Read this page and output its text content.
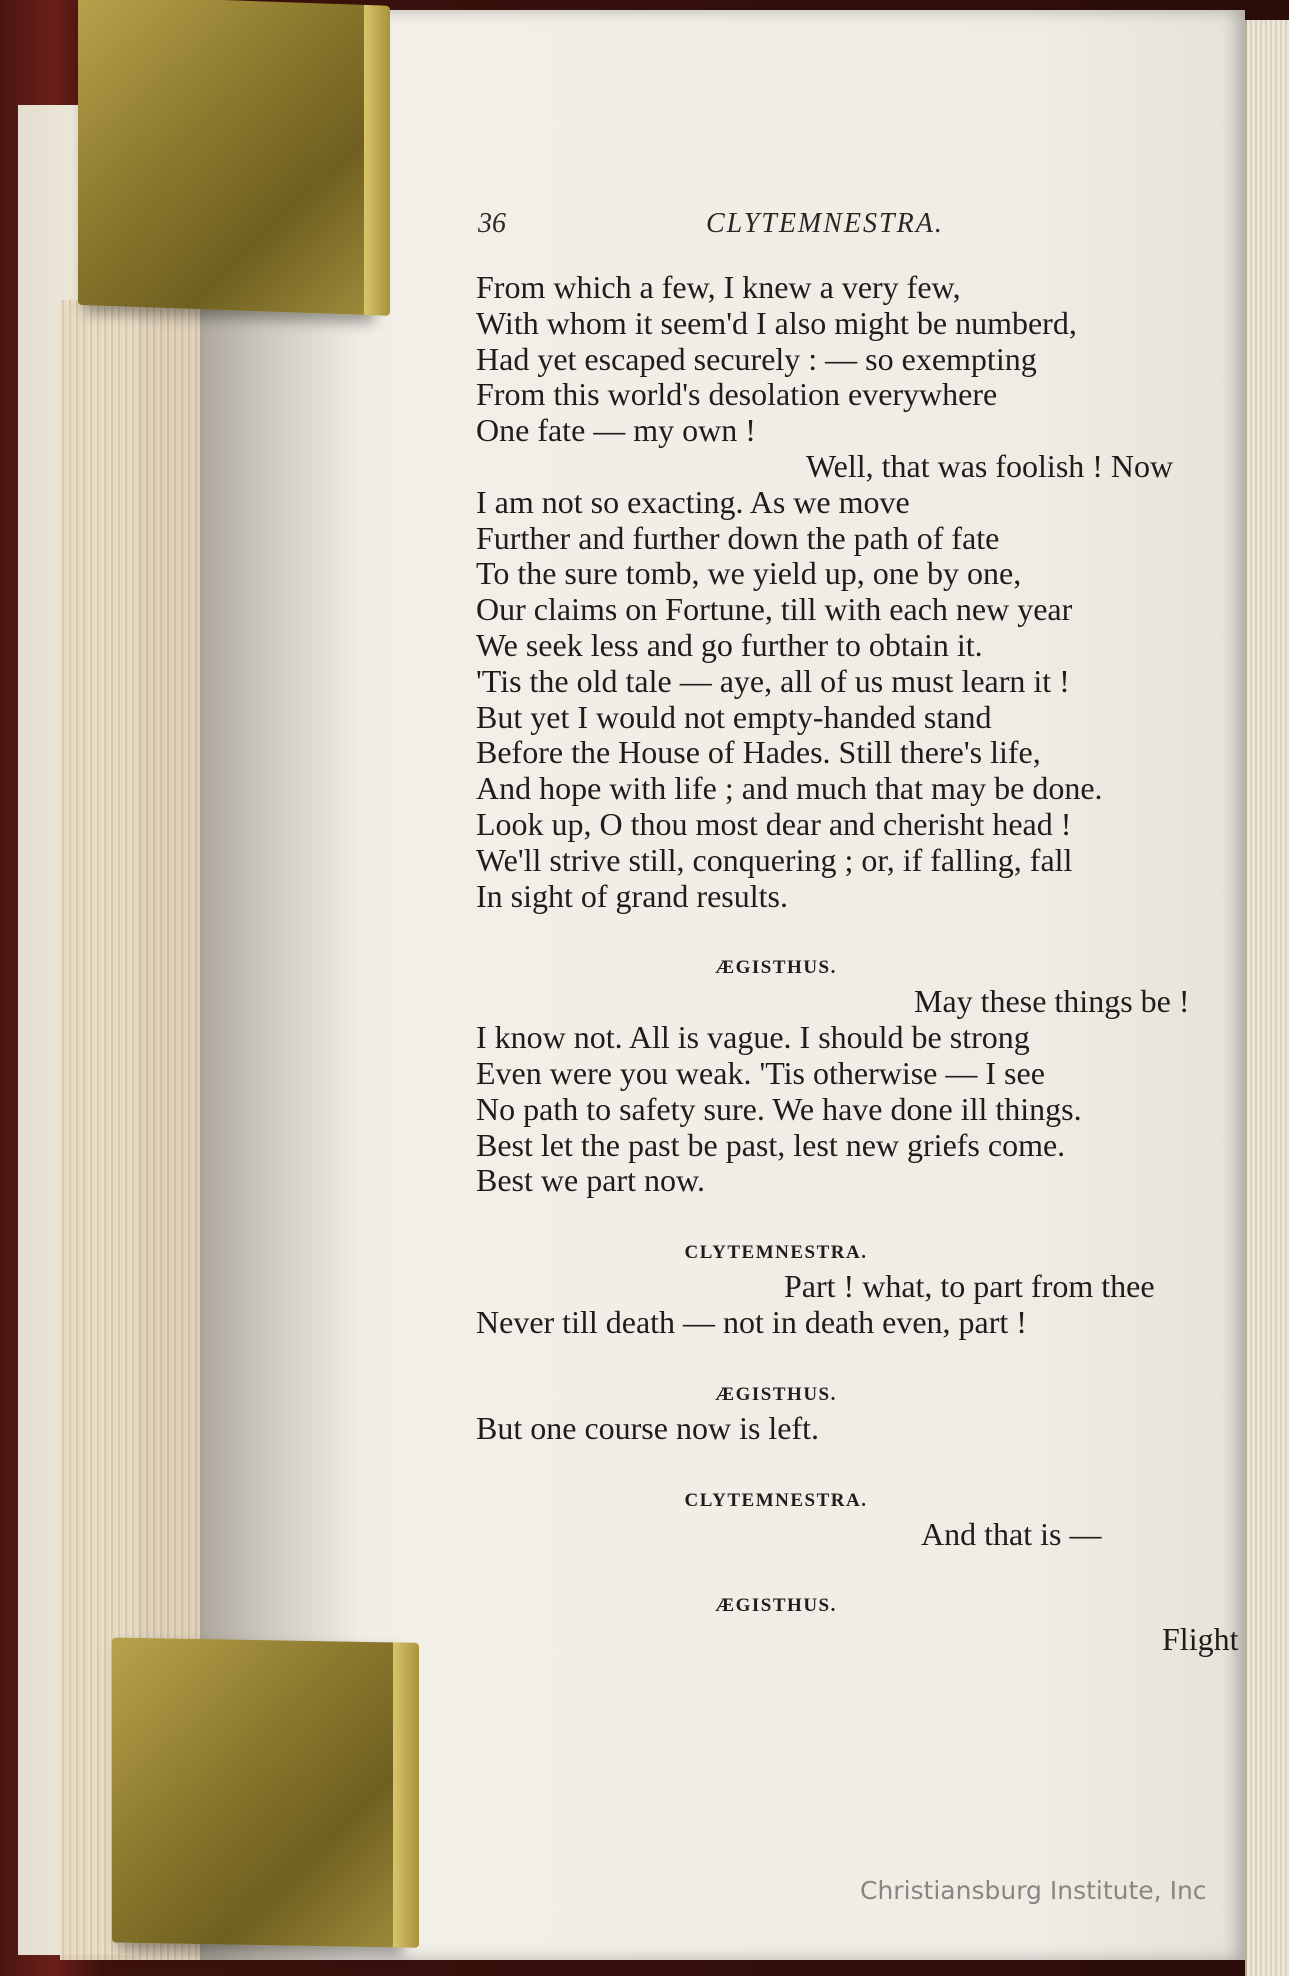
36	CLYTEMNESTRA.
From which a few, I knew a very few,
With whom it seem'd I also might be numberd,
Had yet escaped securely : — so exempting
From this world's desolation everywhere
One fate — my own !
Well, that was foolish ! Now
I am not so exacting. As we move
Further and further down the path of fate
To the sure tomb, we yield up, one by one,
Our claims on Fortune, till with each new year
We seek less and go further to obtain it.
'Tis the old tale — aye, all of us must learn it !
But yet I would not empty-handed stand
Before the House of Hades. Still there's life,
And hope with life ; and much that may be done.
Look up, O thou most dear and cherisht head !
We'll strive still, conquering ; or, if falling, fall
In sight of grand results.
ÆGISTHUS.
May these things be !
I know not. All is vague. I should be strong
Even were you weak. 'Tis otherwise — I see
No path to safety sure. We have done ill things.
Best let the past be past, lest new griefs come.
Best we part now.
CLYTEMNESTRA.
Part ! what, to part from thee
Never till death — not in death even, part !
ÆGISTHUS.
But one course now is left.
CLYTEMNESTRA.
And that is —
ÆGISTHUS.
Flight
Christiansburg Institute, Inc
